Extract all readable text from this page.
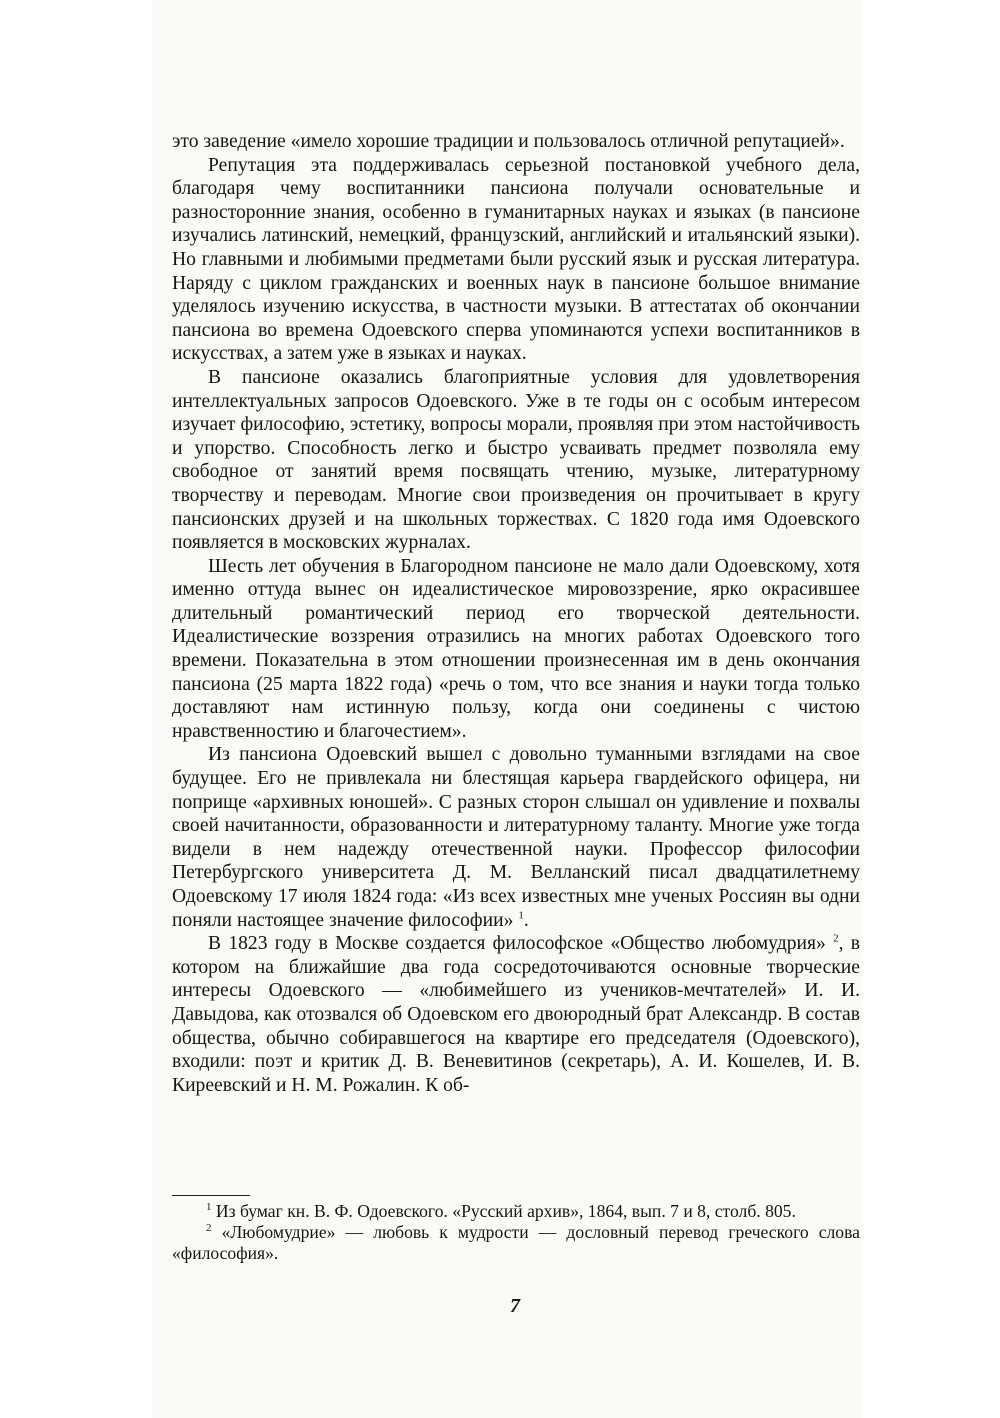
это заведение «имело хорошие традиции и пользовалось отличной репутацией».

Репутация эта поддерживалась серьезной постановкой учебного дела, благодаря чему воспитанники пансиона получали основательные и разносторонние знания, особенно в гуманитарных науках и языках (в пансионе изучались латинский, немецкий, французский, английский и итальянский языки). Но главными и любимыми предметами были русский язык и русская литература. Наряду с циклом гражданских и военных наук в пансионе большое внимание уделялось изучению искусства, в частности музыки. В аттестатах об окончании пансиона во времена Одоевского сперва упоминаются успехи воспитанников в искусствах, а затем уже в языках и науках.

В пансионе оказались благоприятные условия для удовлетворения интеллектуальных запросов Одоевского. Уже в те годы он с особым интересом изучает философию, эстетику, вопросы морали, проявляя при этом настойчивость и упорство. Способность легко и быстро усваивать предмет позволяла ему свободное от занятий время посвящать чтению, музыке, литературному творчеству и переводам. Многие свои произведения он прочитывает в кругу пансионских друзей и на школьных торжествах. С 1820 года имя Одоевского появляется в московских журналах.

Шесть лет обучения в Благородном пансионе не мало дали Одоевскому, хотя именно оттуда вынес он идеалистическое мировоззрение, ярко окрасившее длительный романтический период его творческой деятельности. Идеалистические воззрения отразились на многих работах Одоевского того времени. Показательна в этом отношении произнесенная им в день окончания пансиона (25 марта 1822 года) «речь о том, что все знания и науки тогда только доставляют нам истинную пользу, когда они соединены с чистою нравственностию и благочестием».

Из пансиона Одоевский вышел с довольно туманными взглядами на свое будущее. Его не привлекала ни блестящая карьера гвардейского офицера, ни поприще «архивных юношей». С разных сторон слышал он удивление и похвалы своей начитанности, образованности и литературному таланту. Многие уже тогда видели в нем надежду отечественной науки. Профессор философии Петербургского университета Д. М. Велланский писал двадцатилетнему Одоевскому 17 июля 1824 года: «Из всех известных мне ученых Россиян вы одни поняли настоящее значение философии» $^1$.

В 1823 году в Москве создается философское «Общество любомудрия» $^2$, в котором на ближайшие два года сосредоточиваются основные творческие интересы Одоевского — «любимейшего из учеников-мечтателей» И. И. Давыдова, как отозвался об Одоевском его двоюродный брат Александр. В состав общества, обычно собиравшегося на квартире его председателя (Одоевского), входили: поэт и критик Д. В. Веневитинов (секретарь), А. И. Кошелев, И. В. Киреевский и Н. М. Рожалин. К об-

$^1$ Из бумаг кн. В. Ф. Одоевского. «Русский архив», 1864, вып. 7 и 8, столб. 805.

$^2$ «Любомудрие» — любовь к мудрости — дословный перевод греческого слова «философия».

7
